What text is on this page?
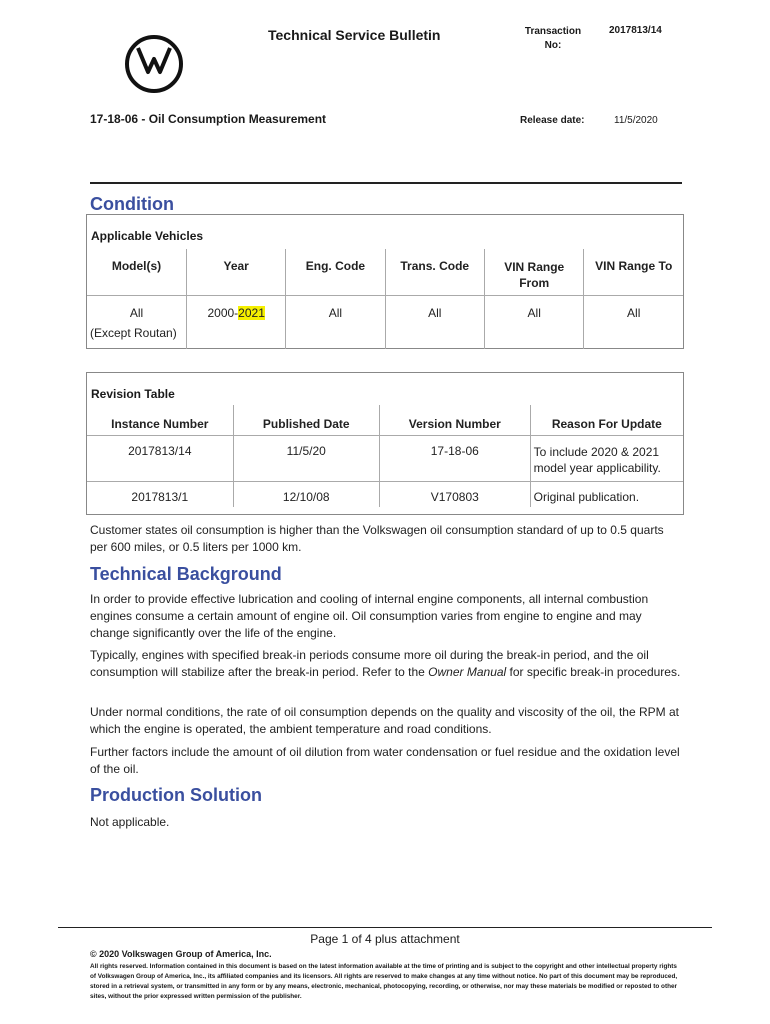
Technical Service Bulletin	Transaction No:
2017813/14
17-18-06 - Oil Consumption Measurement	Release date:	11/5/2020
Condition
Applicable Vehicles
Model(s)	Year	Eng. Code	Trans. Code	VIN Range From	VIN Range To

All
(Except Routan)	2000-2021	All	All	All	All
Revision Table
Instance Number	Published Date	Version Number	Reason For Update
2017813/14	11/5/20	17-18-06	To include 2020 & 2021 model year applicability.
2017813/1	12/10/08	V170803	Original publication.
Customer states oil consumption is higher than the Volkswagen oil consumption standard of up to 0.5 quarts per 600 miles, or 0.5 liters per 1000 km.
Technical Background
In order to provide effective lubrication and cooling of internal engine components, all internal combustion engines consume a certain amount of engine oil. Oil consumption varies from engine to engine and may change significantly over the life of the engine.
Typically, engines with specified break-in periods consume more oil during the break-in period, and the oil consumption will stabilize after the break-in period. Refer to the Owner Manual for specific break-in procedures.
Under normal conditions, the rate of oil consumption depends on the quality and viscosity of the oil, the RPM at which the engine is operated, the ambient temperature and road conditions.
Further factors include the amount of oil dilution from water condensation or fuel residue and the oxidation level of the oil.
Production Solution
Not applicable.
Page 1 of 4 plus attachment
© 2020 Volkswagen Group of America, Inc.
All rights reserved. Information contained in this document is based on the latest information available at the time of printing and is subject to the copyright and other intellectual property rights of Volkswagen Group of America, Inc., its affiliated companies and its licensors. All rights are reserved to make changes at any time without notice. No part of this document may be reproduced, stored in a retrieval system, or transmitted in any form or by any means, electronic, mechanical, photocopying, recording, or otherwise, nor may these materials be modified or reposted to other sites, without the prior expressed written permission of the publisher.
